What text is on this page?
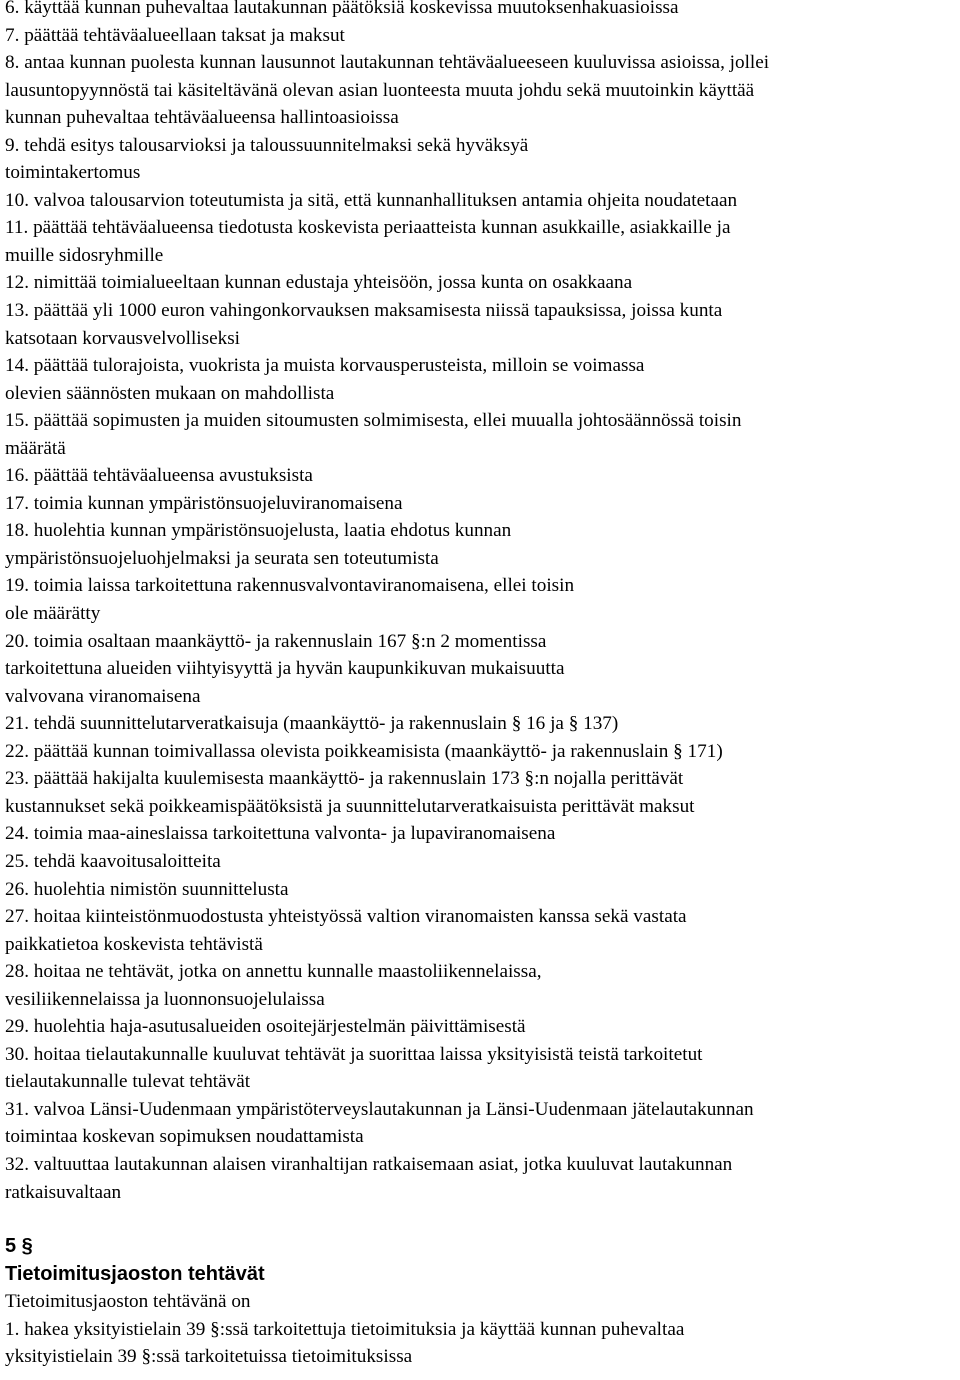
6. käyttää kunnan puhevaltaa lautakunnan päätöksiä koskevissa muutoksenhakuasioissa

7. päättää tehtäväalueellaan taksat ja maksut

8. antaa kunnan puolesta kunnan lausunnot lautakunnan tehtäväalueeseen kuuluvissa asioissa, jollei
lausuntopyynnöstä tai käsiteltävänä olevan asian luonteesta muuta johdu sekä muutoinkin käyttää
kunnan puhevaltaa tehtäväalueensa hallintoasioissa

9. tehdä esitys talousarvioksi ja taloussuunnitelmaksi sekä hyväksyä
toimintakertomus

10. valvoa talousarvion toteutumista ja sitä, että kunnanhallituksen antamia ohjeita noudatetaan

11. päättää tehtäväalueensa tiedotusta koskevista periaatteista kunnan asukkaille, asiakkaille ja
muille sidosryhmille

12. nimittää toimialueeltaan kunnan edustaja yhteisöön, jossa kunta on osakkaana

13. päättää yli 1000 euron vahingonkorvauksen maksamisesta niissä tapauksissa, joissa kunta
katsotaan korvausvelvolliseksi

14. päättää tulorajoista, vuokrista ja muista korvausperusteista, milloin se voimassa
olevien säännösten mukaan on mahdollista

15. päättää sopimusten ja muiden sitoumusten solmimisesta, ellei muualla johtosäännössä toisin
määrätä

16. päättää tehtäväalueensa avustuksista

17. toimia kunnan ympäristönsuojeluviranomaisena

18. huolehtia kunnan ympäristönsuojelusta, laatia ehdotus kunnan
ympäristönsuojeluohjelmaksi ja seurata sen toteutumista

19. toimia laissa tarkoitettuna rakennusvalvontaviranomaisena, ellei toisin
ole määrätty

20. toimia osaltaan maankäyttö- ja rakennuslain 167 §:n 2 momentissa
tarkoitettuna alueiden viihtyisyyttä ja hyvän kaupunkikuvan mukaisuutta
valvovana viranomaisena

21. tehdä suunnittelutarveratkaisuja (maankäyttö- ja rakennuslain § 16 ja § 137)

22. päättää kunnan toimivallassa olevista poikkeamisista (maankäyttö- ja rakennuslain § 171)

23. päättää hakijalta kuulemisesta maankäyttö- ja rakennuslain 173 §:n nojalla perittävät
kustannukset sekä poikkeamispäätöksistä ja suunnittelutarveratkaisuista perittävät maksut

24. toimia maa-aineslaissa tarkoitettuna valvonta- ja lupaviranomaisena

25. tehdä kaavoitusaloitteita

26. huolehtia nimistön suunnittelusta

27. hoitaa kiinteistönmuodostusta yhteistyössä valtion viranomaisten kanssa sekä vastata
paikkatietoa koskevista tehtävistä

28. hoitaa ne tehtävät, jotka on annettu kunnalle maastoliikennelaissa,
vesiliikennelaissa ja luonnonsuojelulaissa

29. huolehtia haja-asutusalueiden osoitejärjestelmän päivittämisestä

30. hoitaa tielautakunnalle kuuluvat tehtävät ja suorittaa laissa yksityisistä teistä tarkoitetut
tielautakunnalle tulevat tehtävät

31. valvoa Länsi-Uudenmaan ympäristöterveyslautakunnan ja Länsi-Uudenmaan jätelautakunnan
toimintaa koskevan sopimuksen noudattamista

32. valtuuttaa lautakunnan alaisen viranhaltijan ratkaisemaan asiat, jotka kuuluvat lautakunnan
ratkaisuvaltaan

5 §
Tietoimitusjaoston tehtävät

Tietoimitusjaoston tehtävänä on

1. hakea yksityistielain 39 §:ssä tarkoitettuja tietoimituksia ja käyttää kunnan puhevaltaa
yksityistielain 39 §:ssä tarkoitetuissa tietoimituksissa
